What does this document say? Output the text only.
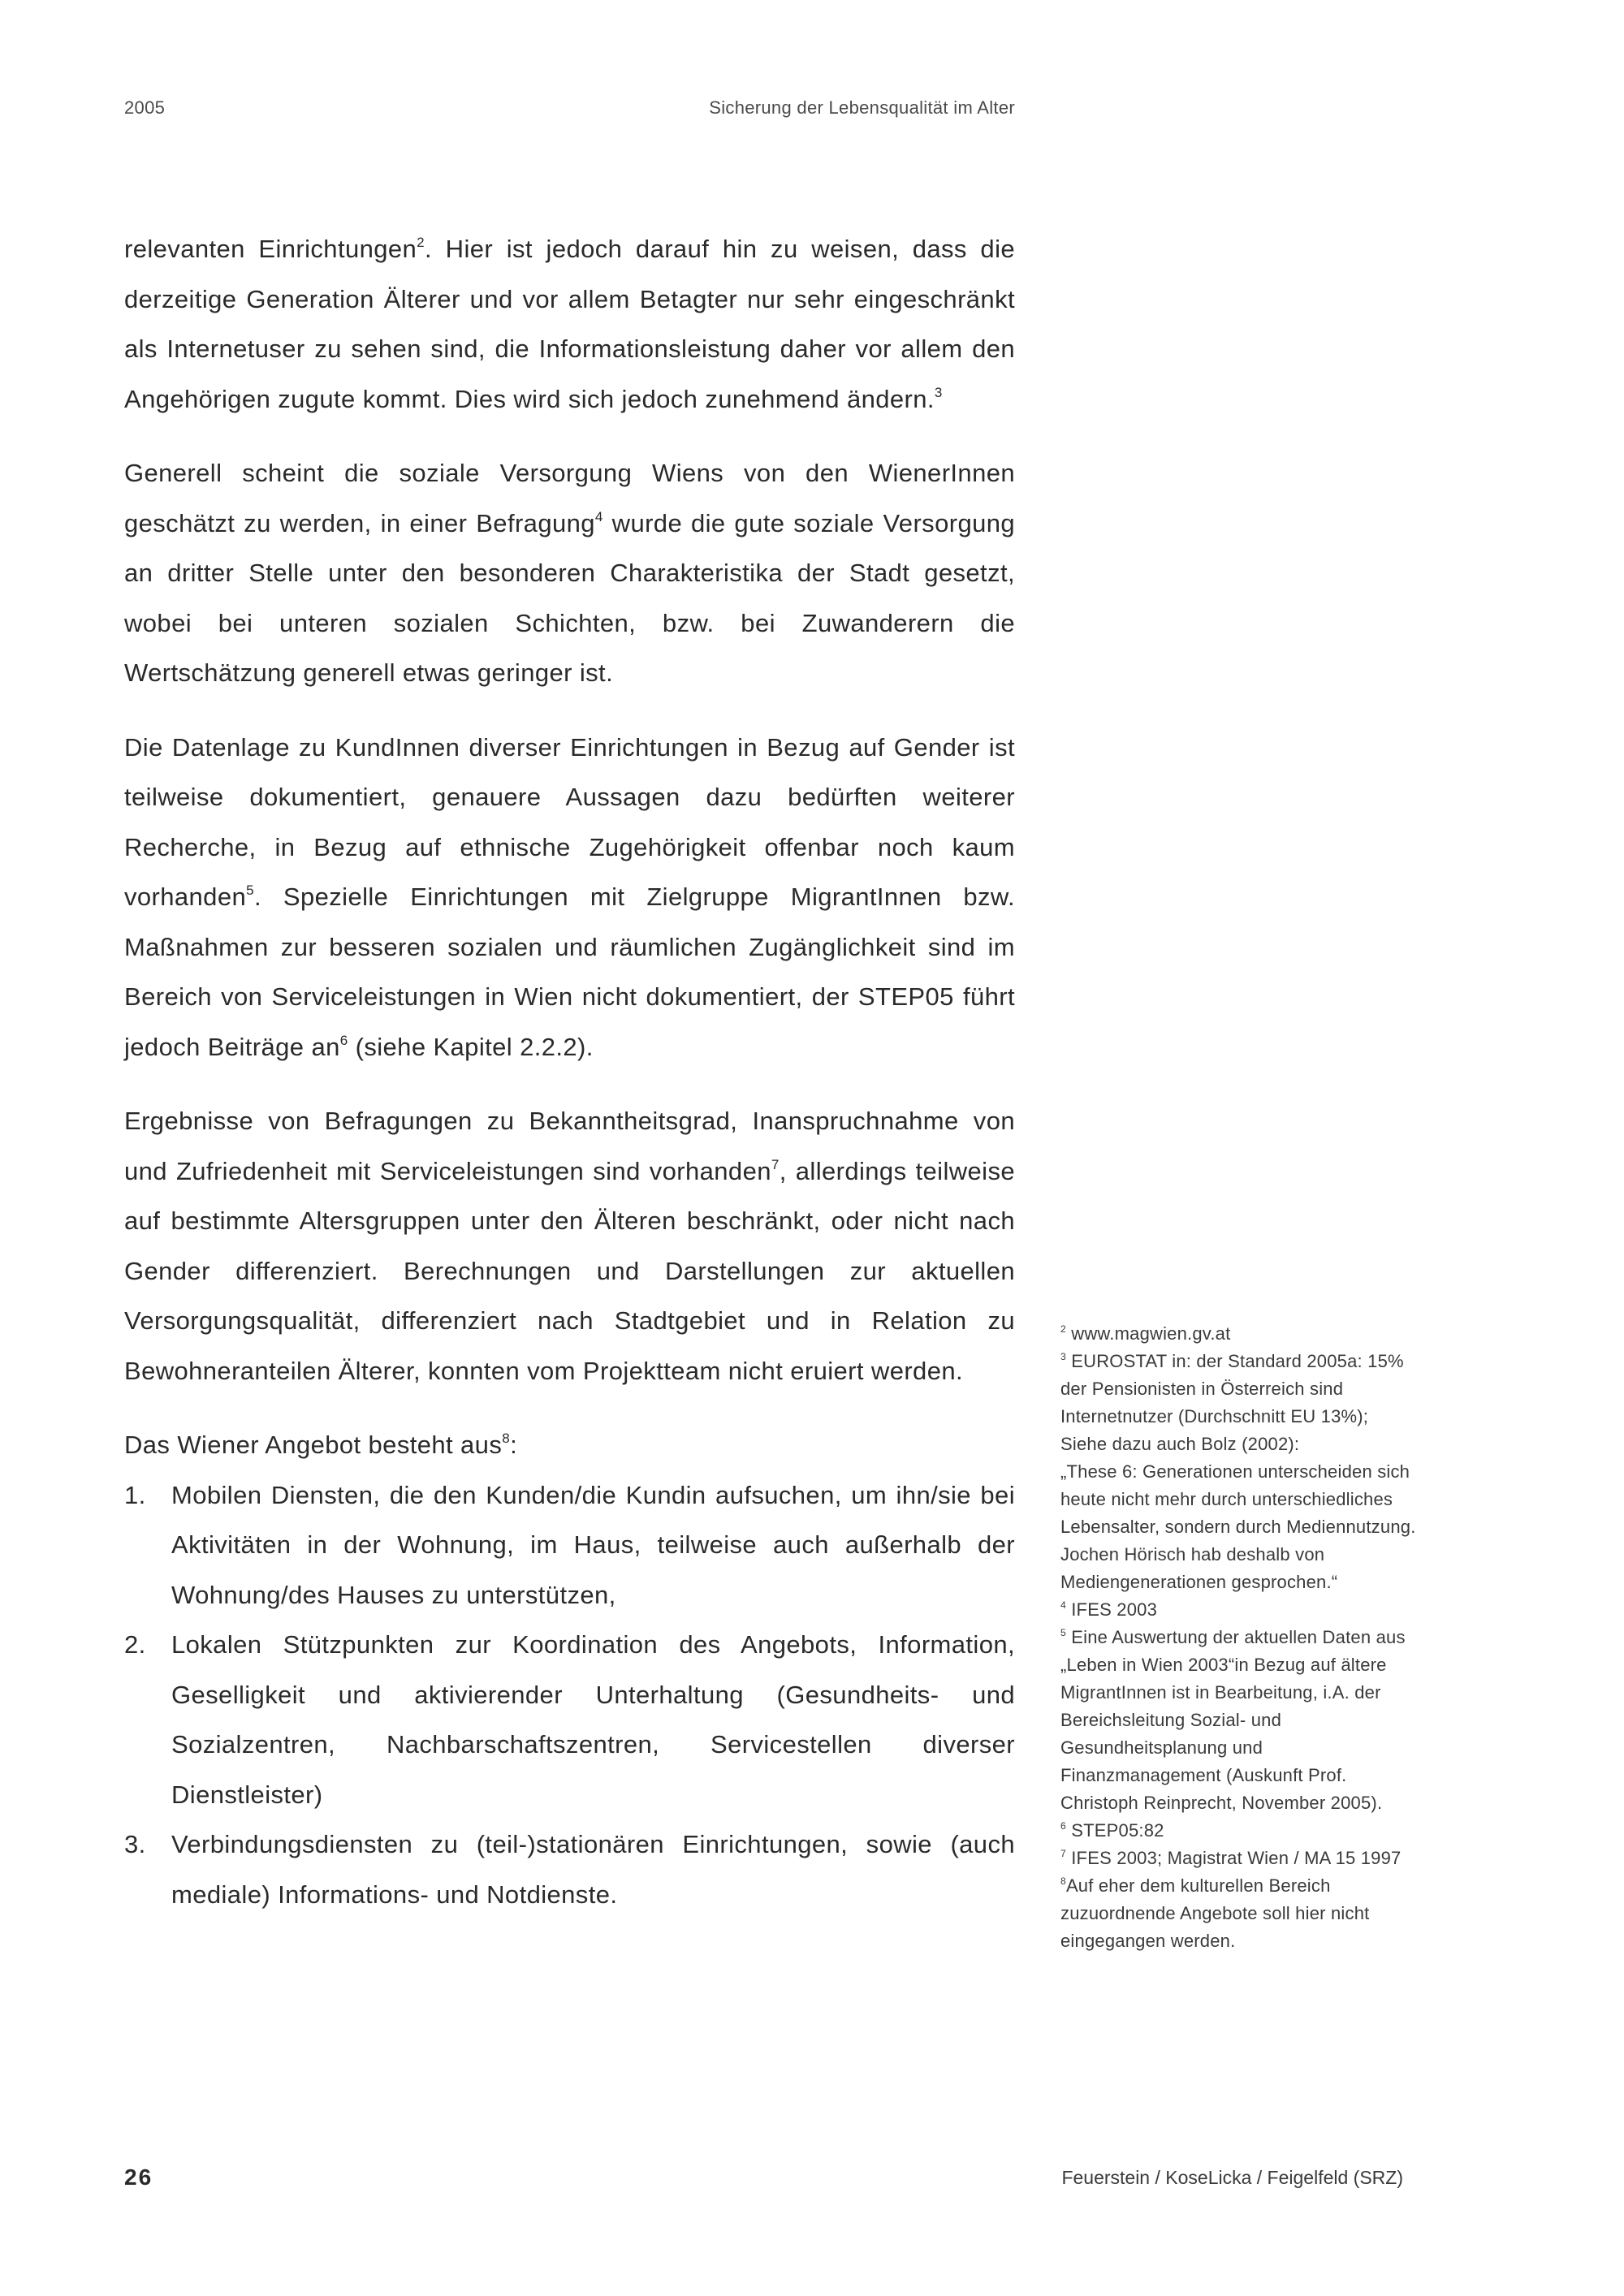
2005	Sicherung der Lebensqualität im Alter

relevanten Einrichtungen$^2$. Hier ist jedoch darauf hin zu weisen, dass die derzeitige Generation Älterer und vor allem Betagter nur sehr eingeschränkt als Internetuser zu sehen sind, die Informationsleistung daher vor allem den Angehörigen zugute kommt. Dies wird sich jedoch zunehmend ändern.$^3$

Generell scheint die soziale Versorgung Wiens von den WienerInnen geschätzt zu werden, in einer Befragung$^4$ wurde die gute soziale Versorgung an dritter Stelle unter den besonderen Charakteristika der Stadt gesetzt, wobei bei unteren sozialen Schichten, bzw. bei Zuwanderern die Wertschätzung generell etwas geringer ist.

Die Datenlage zu KundInnen diverser Einrichtungen in Bezug auf Gender ist teilweise dokumentiert, genauere Aussagen dazu bedürften weiterer Recherche, in Bezug auf ethnische Zugehörigkeit offenbar noch kaum vorhanden$^5$. Spezielle Einrichtungen mit Zielgruppe MigrantInnen bzw. Maßnahmen zur besseren sozialen und räumlichen Zugänglichkeit sind im Bereich von Serviceleistungen in Wien nicht dokumentiert, der STEP05 führt jedoch Beiträge $an^6$ (siehe Kapitel 2.2.2).

Ergebnisse von Befragungen zu Bekanntheitsgrad, Inanspruchnahme von und Zufriedenheit mit Serviceleistungen sind vorhanden$^7$, allerdings teilweise auf bestimmte Altersgruppen unter den Älteren beschränkt, oder nicht nach Gender differenziert. Berechnungen und Darstellungen zur aktuellen Versorgungsqualität, differenziert nach Stadtgebiet und in Relation zu Bewohneranteilen Älterer, konnten vom Projektteam nicht eruiert werden.

Das Wiener Angebot besteht aus$^8$:

1. Mobilen Diensten, die den Kunden/die Kundin aufsuchen, um ihn/sie bei Aktivitäten in der Wohnung, im Haus, teilweise auch außerhalb der Wohnung/des Hauses zu unterstützen,
2. Lokalen Stützpunkten zur Koordination des Angebots, Information, Geselligkeit und aktivierender Unterhaltung (Gesundheits- und Sozialzentren, Nachbarschaftszentren, Servicestellen diverser Dienstleister)
3. Verbindungsdiensten zu (teil-)stationären Einrichtungen, sowie (auch mediale) Informations- und Notdienste.
$^2$ www.magwien.gv.at
$^3$ EUROSTAT in: der Standard 2005a: 15% der Pensionisten in Österreich sind Internetnutzer (Durchschnitt EU 13%);
Siehe dazu auch Bolz (2002):
„These 6: Generationen unterscheiden sich heute nicht mehr durch unterschiedliches Lebensalter, sondern durch Mediennutzung. Jochen Hörisch hab deshalb von Mediengenerationen gesprochen.“
$^4$ IFES 2003
$^5$ Eine Auswertung der aktuellen Daten aus „Leben in Wien 2003“in Bezug auf ältere MigrantInnen ist in Bearbeitung, i.A. der Bereichsleitung Sozial- und Gesundheitsplanung und Finanzmanagement (Auskunft Prof. Christoph Reinprecht, November 2005).
$^6$ STEP05:82
$^7$ IFES 2003; Magistrat Wien / MA 15 1997
$^8$Auf eher dem kulturellen Bereich zuzuordnende Angebote soll hier nicht eingegangen werden.
26	Feuerstein / KoseLicka / Feigelfeld (SRZ)
